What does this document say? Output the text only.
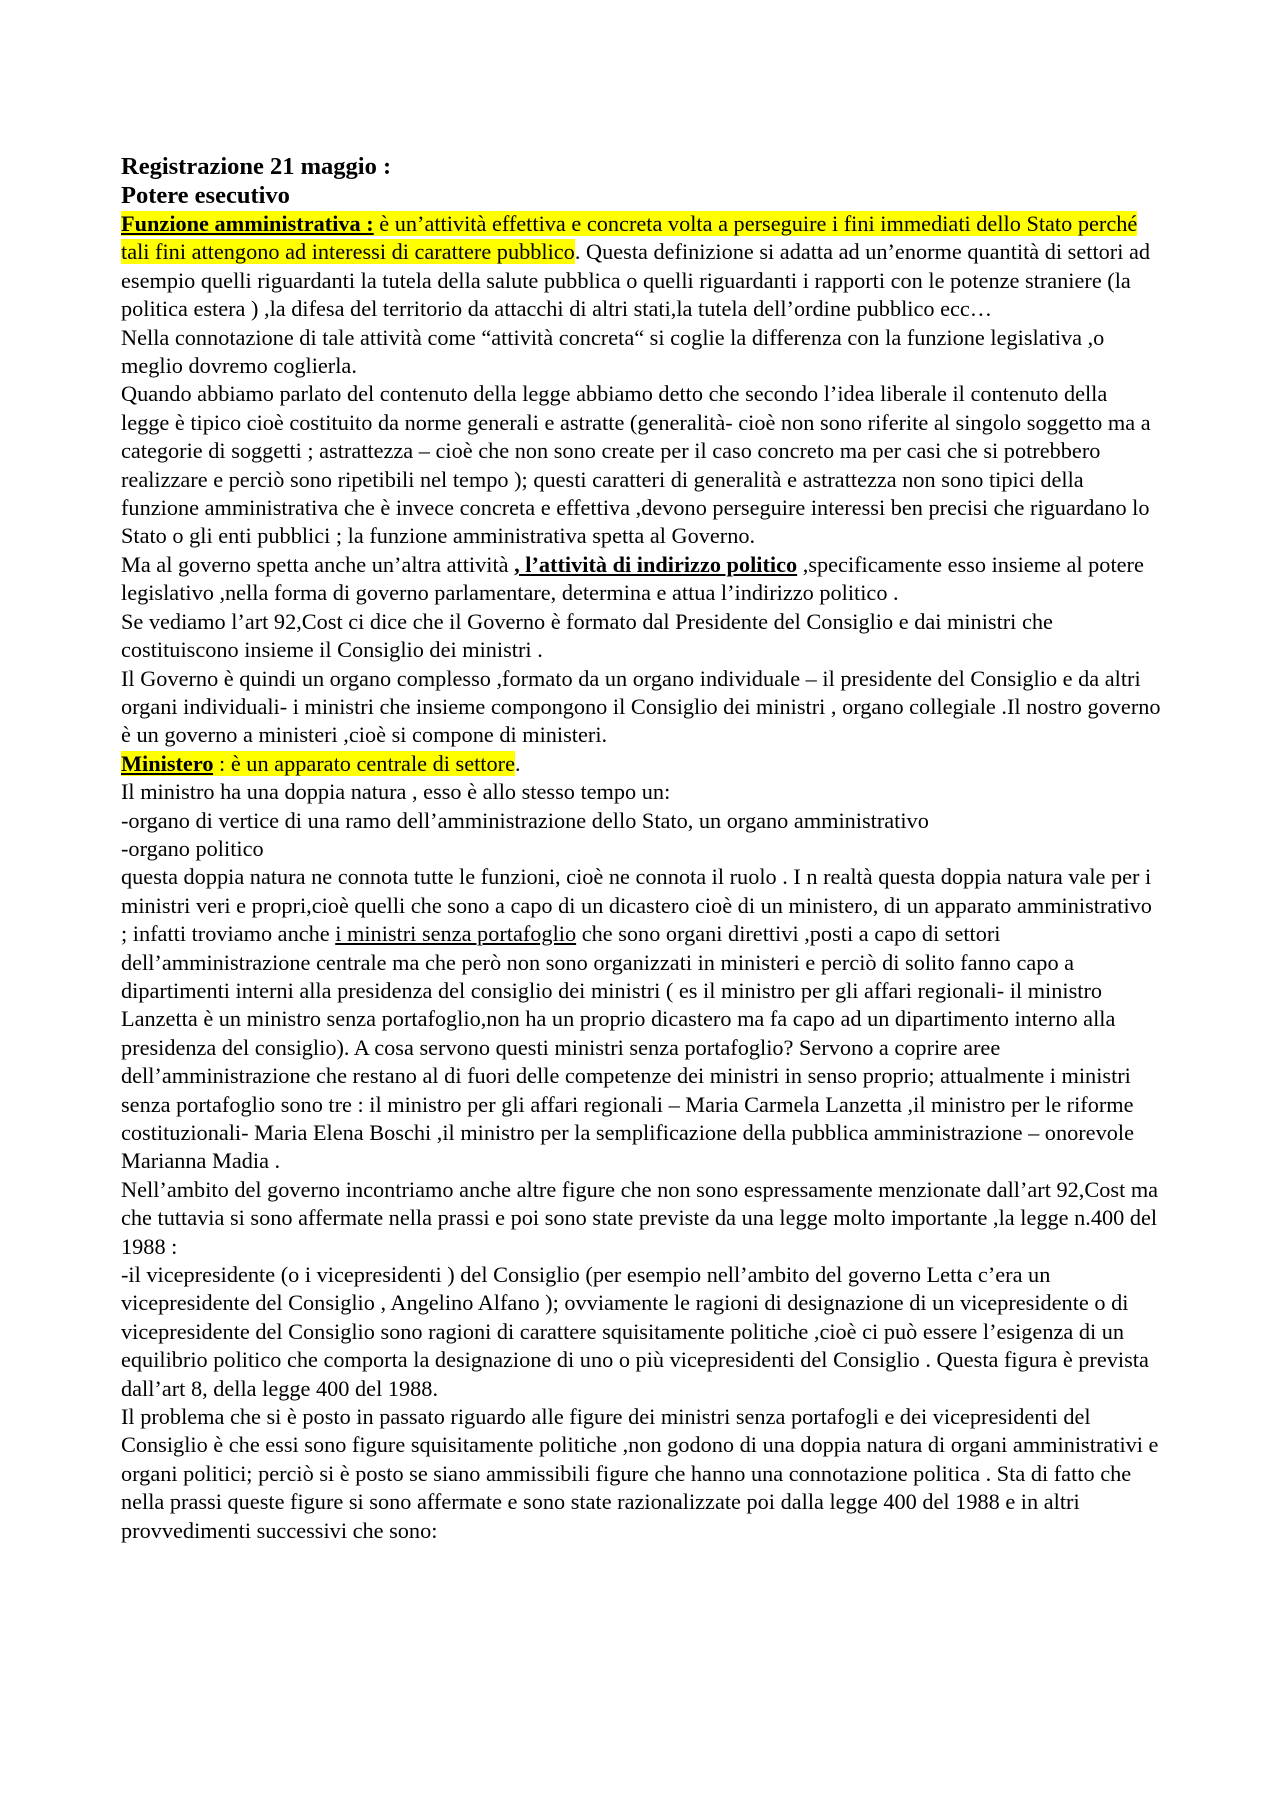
Registrazione 21 maggio :

Potere esecutivo

Funzione amministrativa : è un’attività effettiva e concreta volta a perseguire i fini immediati dello Stato perché tali fini attengono ad interessi di carattere pubblico. Questa definizione si adatta ad un’enorme quantità di settori ad esempio quelli riguardanti la tutela della salute pubblica o quelli riguardanti i rapporti con le potenze straniere (la politica estera ) ,la difesa del territorio da attacchi di altri stati,la tutela dell’ordine pubblico ecc…

Nella connotazione di tale attività come “attività concreta“ si coglie la differenza con la funzione legislativa ,o meglio dovremo coglierla.

Quando abbiamo parlato del contenuto della legge abbiamo detto che secondo l’idea liberale il contenuto della legge è tipico cioè costituito da norme generali e astratte (generalità- cioè non sono riferite al singolo soggetto ma a categorie di soggetti ; astrattezza – cioè che non sono create per il caso concreto ma per casi che si potrebbero realizzare e perciò sono ripetibili nel tempo ); questi caratteri di generalità e astrattezza non sono tipici della funzione amministrativa che è invece concreta e effettiva ,devono perseguire interessi ben precisi che riguardano lo Stato o gli enti pubblici ; la funzione amministrativa spetta al Governo.

Ma al governo spetta anche un’altra attività , l’attività di indirizzo politico ,specificamente esso insieme al potere legislativo ,nella forma di governo parlamentare, determina e attua l’indirizzo politico .

Se vediamo l’art 92,Cost ci dice che il Governo è formato dal Presidente del Consiglio e dai ministri che costituiscono insieme il Consiglio dei ministri .

Il Governo è quindi un organo complesso ,formato da un organo individuale – il presidente del Consiglio e da altri organi individuali- i ministri che insieme compongono il Consiglio dei ministri , organo collegiale .Il nostro governo è un governo a ministeri ,cioè si compone di ministeri.

Ministero : è un apparato centrale di settore.

Il ministro ha una doppia natura , esso è allo stesso tempo un:

-organo di vertice di una ramo dell’amministrazione dello Stato, un organo amministrativo

-organo politico

questa doppia natura ne connota tutte le funzioni, cioè ne connota il ruolo . I n realtà questa doppia natura vale per i ministri veri e propri,cioè quelli che sono a capo di un dicastero cioè di un ministero, di un apparato amministrativo ; infatti troviamo anche i ministri senza portafoglio che sono organi direttivi ,posti a capo di settori dell’amministrazione centrale ma che però non sono organizzati in ministeri e perciò di solito fanno capo a dipartimenti interni alla presidenza del consiglio dei ministri ( es il ministro per gli affari regionali- il ministro Lanzetta è un ministro senza portafoglio,non ha un proprio dicastero ma fa capo ad un dipartimento interno alla presidenza del consiglio). A cosa servono questi ministri senza portafoglio? Servono a coprire aree dell’amministrazione che restano al di fuori delle competenze dei ministri in senso proprio; attualmente i ministri senza portafoglio sono tre : il ministro per gli affari regionali – Maria Carmela Lanzetta ,il ministro per le riforme costituzionali- Maria Elena Boschi ,il ministro per la semplificazione della pubblica amministrazione – onorevole Marianna Madia .

Nell’ambito del governo incontriamo anche altre figure che non sono espressamente menzionate dall’art 92,Cost ma che tuttavia si sono affermate nella prassi e poi sono state previste da una legge molto importante ,la legge n.400 del 1988 :

-il vicepresidente (o i vicepresidenti ) del Consiglio (per esempio nell’ambito del governo Letta c’era un vicepresidente del Consiglio , Angelino Alfano ); ovviamente le ragioni di designazione di un vicepresidente o di vicepresidente del Consiglio sono ragioni di carattere squisitamente politiche ,cioè ci può essere l’esigenza di un equilibrio politico che comporta la designazione di uno o più vicepresidenti del Consiglio . Questa figura è prevista dall’art 8, della legge 400 del 1988.

Il problema che si è posto in passato riguardo alle figure dei ministri senza portafogli e dei vicepresidenti del Consiglio è che essi sono figure squisitamente politiche ,non godono di una doppia natura di organi amministrativi e organi politici; perciò si è posto se siano ammissibili figure che hanno una connotazione politica . Sta di fatto che nella prassi queste figure si sono affermate e sono state razionalizzate poi dalla legge 400 del 1988 e in altri provvedimenti successivi che sono:
